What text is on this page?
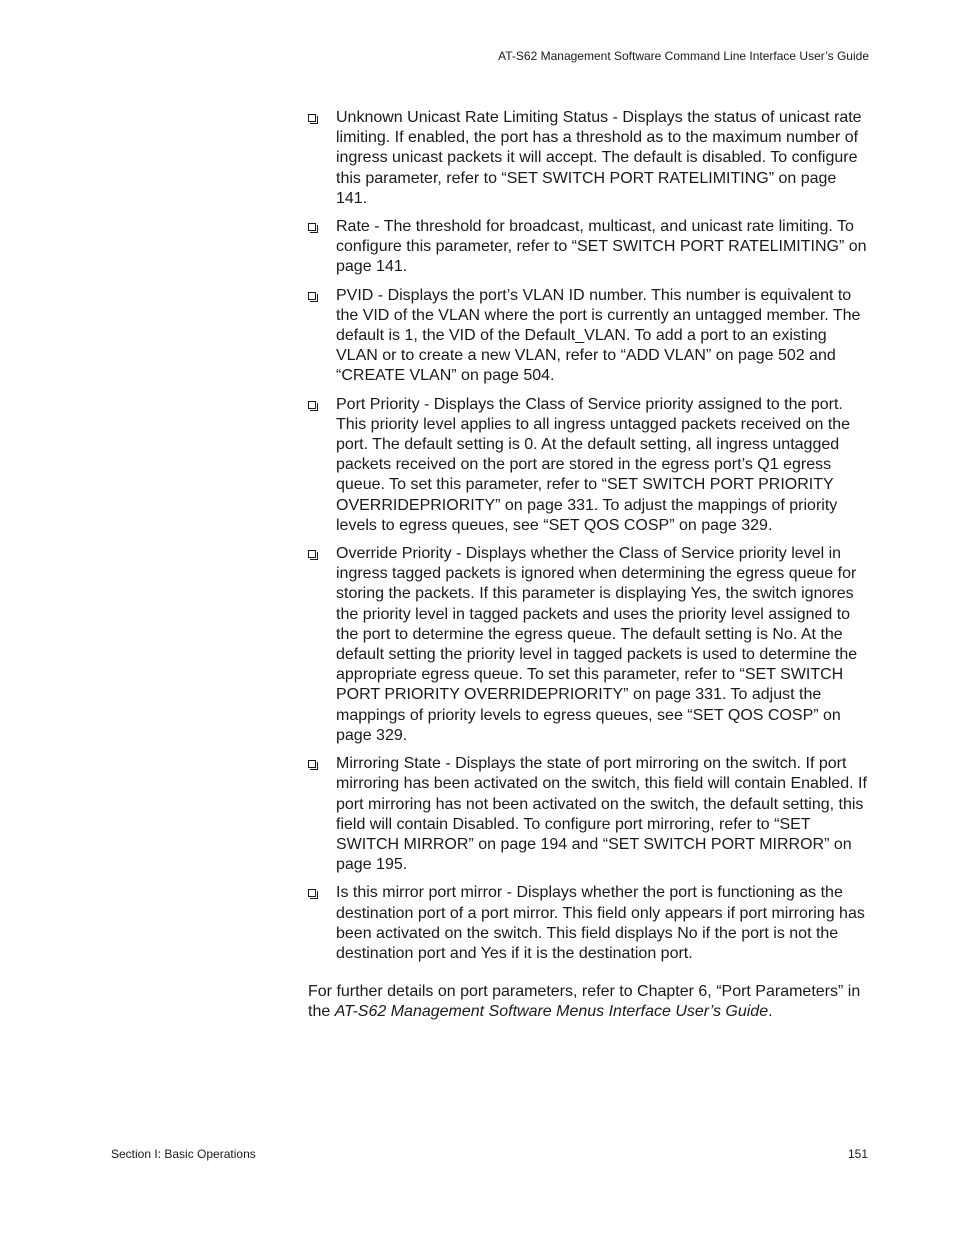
AT-S62 Management Software Command Line Interface User’s Guide
Unknown Unicast Rate Limiting Status - Displays the status of unicast rate limiting. If enabled, the port has a threshold as to the maximum number of ingress unicast packets it will accept. The default is disabled. To configure this parameter, refer to “SET SWITCH PORT RATELIMITING” on page 141.
Rate - The threshold for broadcast, multicast, and unicast rate limiting. To configure this parameter, refer to “SET SWITCH PORT RATELIMITING” on page 141.
PVID - Displays the port’s VLAN ID number. This number is equivalent to the VID of the VLAN where the port is currently an untagged member. The default is 1, the VID of the Default_VLAN. To add a port to an existing VLAN or to create a new VLAN, refer to “ADD VLAN” on page 502 and “CREATE VLAN” on page 504.
Port Priority - Displays the Class of Service priority assigned to the port. This priority level applies to all ingress untagged packets received on the port. The default setting is 0. At the default setting, all ingress untagged packets received on the port are stored in the egress port’s Q1 egress queue. To set this parameter, refer to “SET SWITCH PORT PRIORITY OVERRIDEPRIORITY” on page 331. To adjust the mappings of priority levels to egress queues, see “SET QOS COSP” on page 329.
Override Priority - Displays whether the Class of Service priority level in ingress tagged packets is ignored when determining the egress queue for storing the packets. If this parameter is displaying Yes, the switch ignores the priority level in tagged packets and uses the priority level assigned to the port to determine the egress queue. The default setting is No. At the default setting the priority level in tagged packets is used to determine the appropriate egress queue. To set this parameter, refer to “SET SWITCH PORT PRIORITY OVERRIDEPRIORITY” on page 331. To adjust the mappings of priority levels to egress queues, see “SET QOS COSP” on page 329.
Mirroring State - Displays the state of port mirroring on the switch. If port mirroring has been activated on the switch, this field will contain Enabled. If port mirroring has not been activated on the switch, the default setting, this field will contain Disabled. To configure port mirroring, refer to “SET SWITCH MIRROR” on page 194 and “SET SWITCH PORT MIRROR” on page 195.
Is this mirror port mirror - Displays whether the port is functioning as the destination port of a port mirror. This field only appears if port mirroring has been activated on the switch. This field displays No if the port is not the destination port and Yes if it is the destination port.

For further details on port parameters, refer to Chapter 6, “Port Parameters” in the AT-S62 Management Software Menus Interface User’s Guide.

Section I: Basic Operations	151
